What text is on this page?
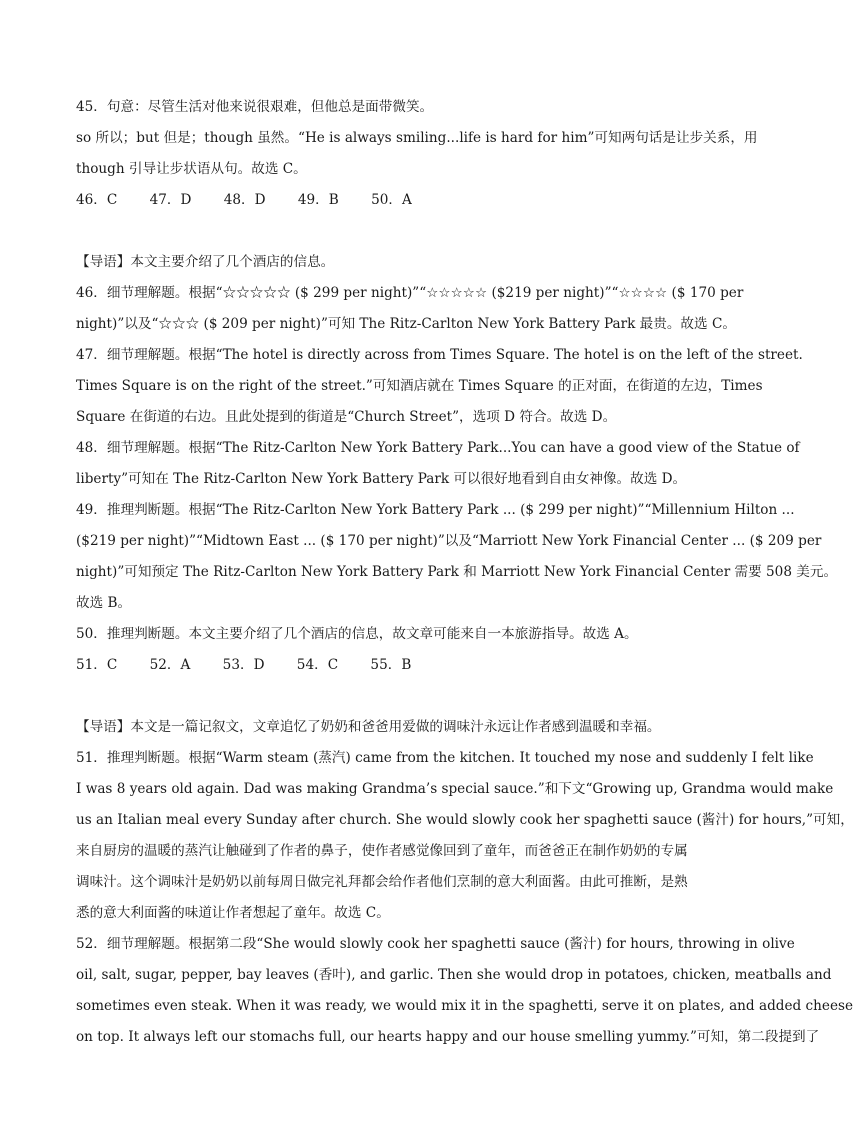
45．句意：尽管生活对他来说很艰难，但他总是面带微笑。
so 所以；but 但是；though 虽然。“He is always smiling...life is hard for him”可知两句话是让步关系，用
though 引导让步状语从句。故选 C。
46．C 47．D 48．D 49．B 50．A
【导语】本文主要介绍了几个酒店的信息。
46．细节理解题。根据“☆☆☆☆☆ ($ 299 per night)”“☆☆☆☆☆ ($219 per night)”“☆☆☆☆ ($ 170 per
night)”以及“☆☆☆ ($ 209 per night)”可知 The Ritz-Carlton New York Battery Park 最贵。故选 C。
47．细节理解题。根据“The hotel is directly across from Times Square. The hotel is on the left of the street.
Times Square is on the right of the street.”可知酒店就在 Times Square 的正对面，在街道的左边，Times
Square 在街道的右边。且此处提到的街道是“Church Street”，选项 D 符合。故选 D。
48．细节理解题。根据“The Ritz-Carlton New York Battery Park...You can have a good view of the Statue of
liberty”可知在 The Ritz-Carlton New York Battery Park 可以很好地看到自由女神像。故选 D。
49．推理判断题。根据“The Ritz-Carlton New York Battery Park ... ($ 299 per night)”“Millennium Hilton ...
($219 per night)”“Midtown East ... ($ 170 per night)”以及“Marriott New York Financial Center ... ($ 209 per
night)”可知预定 The Ritz-Carlton New York Battery Park 和 Marriott New York Financial Center 需要 508 美元。
故选 B。
50．推理判断题。本文主要介绍了几个酒店的信息，故文章可能来自一本旅游指导。故选 A。
51．C 52．A 53．D 54．C 55．B
【导语】本文是一篇记叙文，文章追忆了奶奶和爸爸用爱做的调味汁永远让作者感到温暖和幸福。
51．推理判断题。根据“Warm steam (蒸汽) came from the kitchen. It touched my nose and suddenly I felt like
I was 8 years old again. Dad was making Grandma’s special sauce.”和下文“Growing up, Grandma would make
us an Italian meal every Sunday after church. She would slowly cook her spaghetti sauce (酱汁) for hours,”可知，
来自厨房的温暖的蒸汽让触碰到了作者的鼻子，使作者感觉像回到了童年，而爸爸正在制作奶奶的专属
调味汁。这个调味汁是奶奶以前每周日做完礼拜都会给作者他们烹制的意大利面酱。由此可推断，是熟
悉的意大利面酱的味道让作者想起了童年。故选 C。
52．细节理解题。根据第二段“She would slowly cook her spaghetti sauce (酱汁) for hours, throwing in olive
oil, salt, sugar, pepper, bay leaves (香叶), and garlic. Then she would drop in potatoes, chicken, meatballs and
sometimes even steak. When it was ready, we would mix it in the spaghetti, serve it on plates, and added cheese
on top. It always left our stomachs full, our hearts happy and our house smelling yummy.”可知，第二段提到了
